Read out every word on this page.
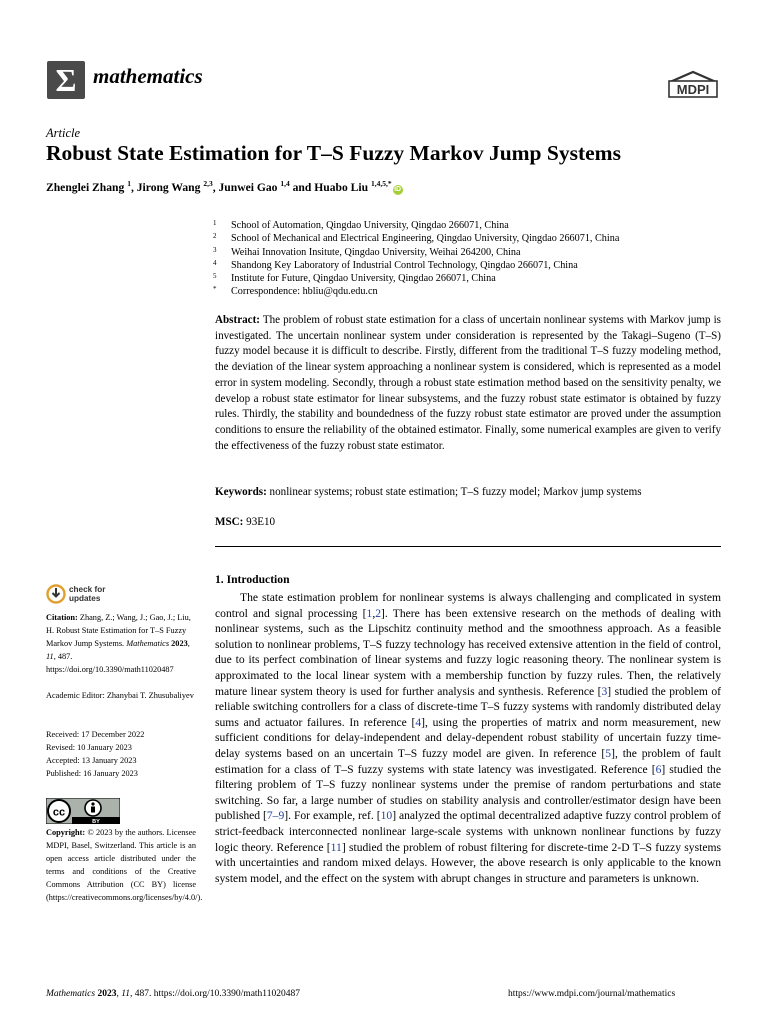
Σ mathematics
MDPI
Article
Robust State Estimation for T–S Fuzzy Markov Jump Systems
Zhenglei Zhang $^1$, Jirong Wang $^{2,3}$, Junwei Gao $^{1,4}$ and Huabo Liu $^{1,4,5,*}$iD
1	School of Automation, Qingdao University, Qingdao 266071, China
2	School of Mechanical and Electrical Engineering, Qingdao University, Qingdao 266071, China
3	Weihai Innovation Insitute, Qingdao University, Weihai 264200, China
4	Shandong Key Laboratory of Industrial Control Technology, Qingdao 266071, China
5	Institute for Future, Qingdao University, Qingdao 266071, China
*	Correspondence: hbliu@qdu.edu.cn
Abstract: The problem of robust state estimation for a class of uncertain nonlinear systems with Markov jump is investigated. The uncertain nonlinear system under consideration is represented by the Takagi–Sugeno (T–S) fuzzy model because it is difficult to describe. Firstly, different from the traditional T–S fuzzy modeling method, the deviation of the linear system approaching a nonlinear system is considered, which is represented as a model error in system modeling. Secondly, through a robust state estimation method based on the sensitivity penalty, we develop a robust state estimator for linear subsystems, and the fuzzy robust state estimator is obtained by fuzzy rules. Thirdly, the stability and boundedness of the fuzzy robust state estimator are proved under the assumption conditions to ensure the reliability of the obtained estimator. Finally, some numerical examples are given to verify the effectiveness of the fuzzy robust state estimator.
Keywords: nonlinear systems; robust state estimation; T–S fuzzy model; Markov jump systems
MSC: 93E10
1. Introduction
The state estimation problem for nonlinear systems is always challenging and complicated in system control and signal processing [1,2]. There has been extensive research on the methods of dealing with nonlinear systems, such as the Lipschitz continuity method and the smoothness approach. As a feasible solution to nonlinear problems, T–S fuzzy technology has received extensive attention in the field of control, due to its perfect combination of linear systems and fuzzy logic reasoning theory. The nonlinear system is approximated to the local linear system with a membership function by fuzzy rules. Then, the relatively mature linear system theory is used for further analysis and synthesis. Reference [3] studied the problem of reliable switching controllers for a class of discrete-time T–S fuzzy systems with randomly distributed delay sums and actuator failures. In reference [4], using the properties of matrix and norm measurement, new sufficient conditions for delay-independent and delay-dependent robust stability of uncertain fuzzy time-delay systems based on an uncertain T–S fuzzy model are given. In reference [5], the problem of fault estimation for a class of T–S fuzzy systems with state latency was investigated. Reference [6] studied the filtering problem of T–S fuzzy nonlinear systems under the premise of random perturbations and state switching. So far, a large number of studies on stability analysis and controller/estimator design have been published [7–9]. For example, ref. [10] analyzed the optimal decentralized adaptive fuzzy control problem of strict-feedback interconnected nonlinear large-scale systems with unknown nonlinear functions by fuzzy logic theory. Reference [11] studied the problem of robust filtering for discrete-time 2-D T–S fuzzy systems with uncertainties and random mixed delays. However, the above research is only applicable to the known system model, and the effect on the system with abrupt changes in structure and parameters is unknown.
check for
updates
Citation: Zhang, Z.; Wang, J.; Gao, J.; Liu, H. Robust State Estimation for T–S Fuzzy Markov Jump Systems. Mathematics 2023, 11, 487. https://doi.org/10.3390/math11020487
Academic Editor: Zhanybai T. Zhusubaliyev
Received: 17 December 2022
Revised: 10 January 2023
Accepted: 13 January 2023
Published: 16 January 2023
cc
BY
Copyright: © 2023 by the authors. Licensee MDPI, Basel, Switzerland. This article is an open access article distributed under the terms and conditions of the Creative Commons Attribution (CC BY) license (https://creativecommons.org/licenses/by/4.0/).
Mathematics 2023, 11, 487. https://doi.org/10.3390/math11020487	https://www.mdpi.com/journal/mathematics
